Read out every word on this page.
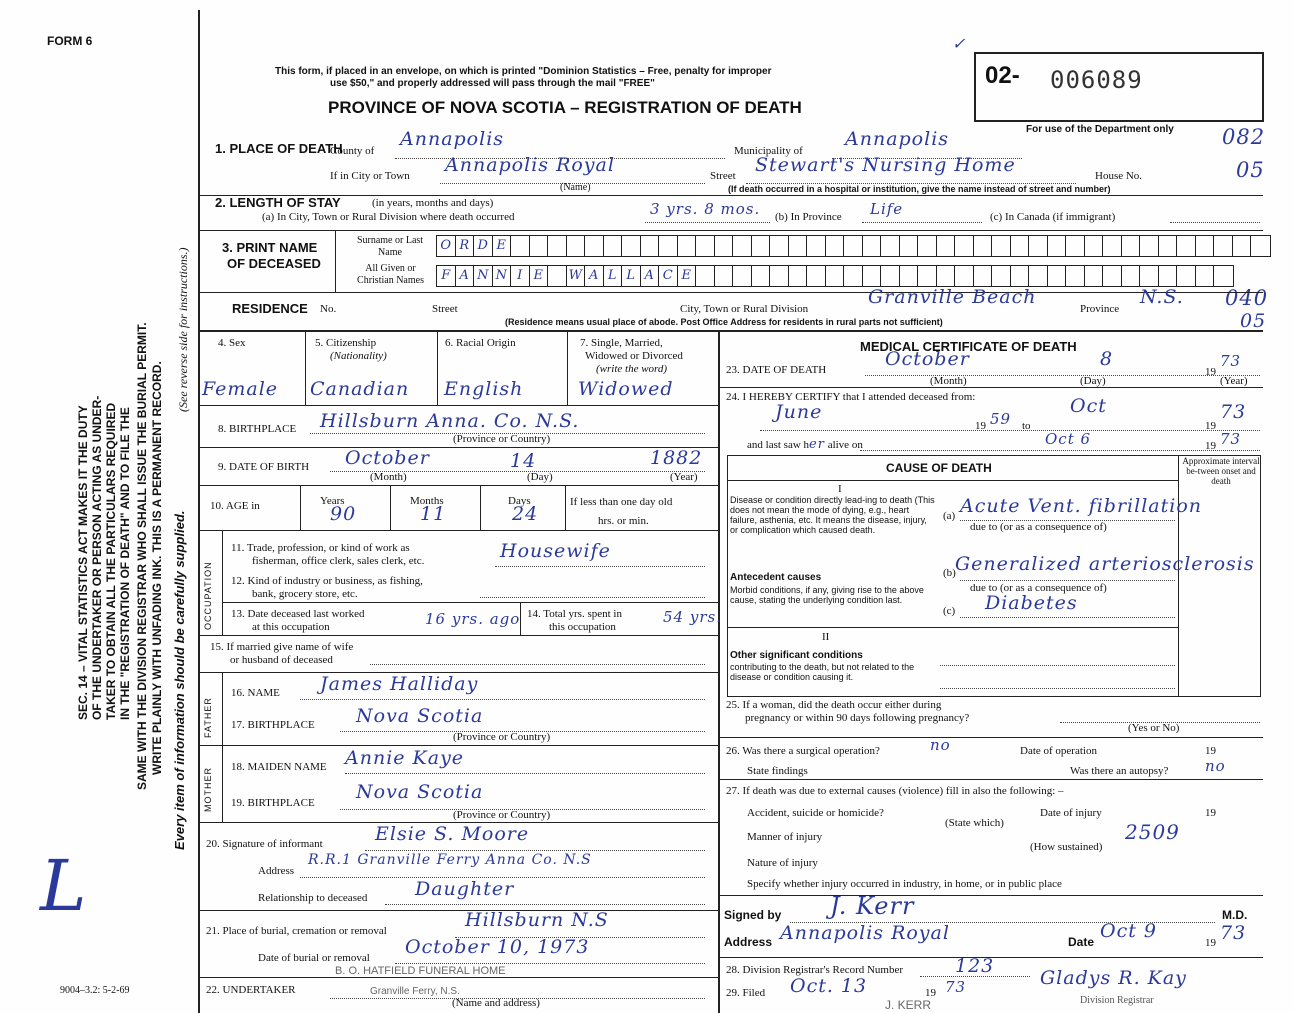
FORM 6
L
9004–3.2: 5-2-69
SEC. 14 – VITAL STATISTICS ACT MAKES IT THE DUTY OF THE UNDERTAKER OR PERSON ACTING AS UNDER- TAKER TO OBTAIN ALL THE PARTICULARS REQUIRED IN THE "REGISTRATION OF DEATH" AND TO FILE THE SAME WITH THE DIVISION REGISTRAR WHO SHALL ISSUE THE BURIAL PERMIT. WRITE PLAINLY WITH UNFADING INK. THIS IS A PERMANENT RECORD. Every item of information should be carefully supplied.
(See reverse side for instructions.)
This form, if placed in an envelope, on which is printed "Dominion Statistics – Free, penalty for improper
use $50," and properly addressed will pass through the mail "FREE"
PROVINCE OF NOVA SCOTIA – REGISTRATION OF DEATH
✓
02- 006089
For use of the Department only 082
05
040
05
1. PLACE OF DEATH
County of
Annapolis
Municipality of
Annapolis
If in City or Town Annapolis Royal
(Name)
Street Stewart's Nursing Home	House No.
(If death occurred in a hospital or institution, give the name instead of street and number)
2. LENGTH OF STAY	(in years, months and days)
(a) In City, Town or Rural Division where death occurred	3 yrs. 8 mos. (b) In Province Life	(c) In Canada (if immigrant)
3. PRINT NAME
OF DECEASED
Surname or Last Name
All Given or Christian Names
O R D E
F A N N I E	W A L L A C E
RESIDENCE No.	Street	City, Town or Rural Division
Granville Beach
Province
N.S.
(Residence means usual place of abode. Post Office Address for residents in rural parts not sufficient)
4. Sex
Female
5. Citizenship
(Nationality)
Canadian
6. Racial Origin
English
7. Single, Married,
Widowed or Divorced
(write the word)
Widowed
8. BIRTHPLACE Hillsburn Anna. Co. N.S.
(Province or Country)
9. DATE OF BIRTH October	14	1882
(Month)	(Day)	(Year)
10. AGE in	Years	Months	Days
90	11	24
If less than one day old
hrs. or min.
OCCUPATION
11. Trade, profession, or kind of work as
fisherman, office clerk, sales clerk, etc.	Housewife
12. Kind of industry or business, as fishing,
bank, grocery store, etc.
13. Date deceased last worked
at this occupation	16 yrs. ago 14. Total yrs. spent in
this occupation
54 yrs.
15. If married give name of wife
or husband of deceased
FATHER
16. NAME James Halliday
17. BIRTHPLACE Nova Scotia
(Province or Country)
MOTHER 18. MAIDEN NAME Annie Kaye
19. BIRTHPLACE Nova Scotia
(Province or Country)
20. Signature of informant	Elsie S. Moore
Address
R.R.1 Granville Ferry Anna Co. N.S
Relationship to deceased	Daughter
21. Place of burial, cremation or removal	Hillsburn N.S
Date of burial or removal October 10, 1973
B. O. HATFIELD FUNERAL HOME
22. UNDERTAKER	Granville Ferry, N.S.
(Name and address)
MEDICAL CERTIFICATE OF DEATH
23. DATE OF DEATH	October	8
19
73
(Month)	(Day)	(Year)
24. I HEREBY CERTIFY that I attended deceased from:
June
19 59 to
Oct
19
73
and last saw her alive on	Oct 6	19 73
CAUSE OF DEATH	Approximate interval be-tween onset and death
I
Disease or condition directly lead-ing to death (This does not mean the mode of dying, e.g., heart failure, asthenia, etc. It means the disease, injury, or complication which caused death.
(a) Acute Vent. fibrillation
due to (or as a consequence of)
Antecedent causes
Morbid conditions, if any, giving rise to the above cause, stating the underlying condition last.
(b) Generalized arteriosclerosis
due to (or as a consequence of)
(c) Diabetes
II
Other significant conditions
contributing to the death, but not related to the disease or condition causing it.
25. If a woman, did the death occur either during
pregnancy or within 90 days following pregnancy?
(Yes or No)
26. Was there a surgical operation?	no	Date of operation	19
State findings	Was there an autopsy? no
27. If death was due to external causes (violence) fill in also the following: –
Accident, suicide or homicide?
(State which)
Date of injury	19
Manner of injury	2509
(How sustained)
Nature of injury
Specify whether injury occurred in industry, in home, or in public place
Signed by J. Kerr	M.D.
Address Annapolis Royal	Date Oct 9
19 73
28. Division Registrar's Record Number	123
29. Filed Oct. 13	19 73	Gladys R. Kay
Division Registrar
J. KERR
